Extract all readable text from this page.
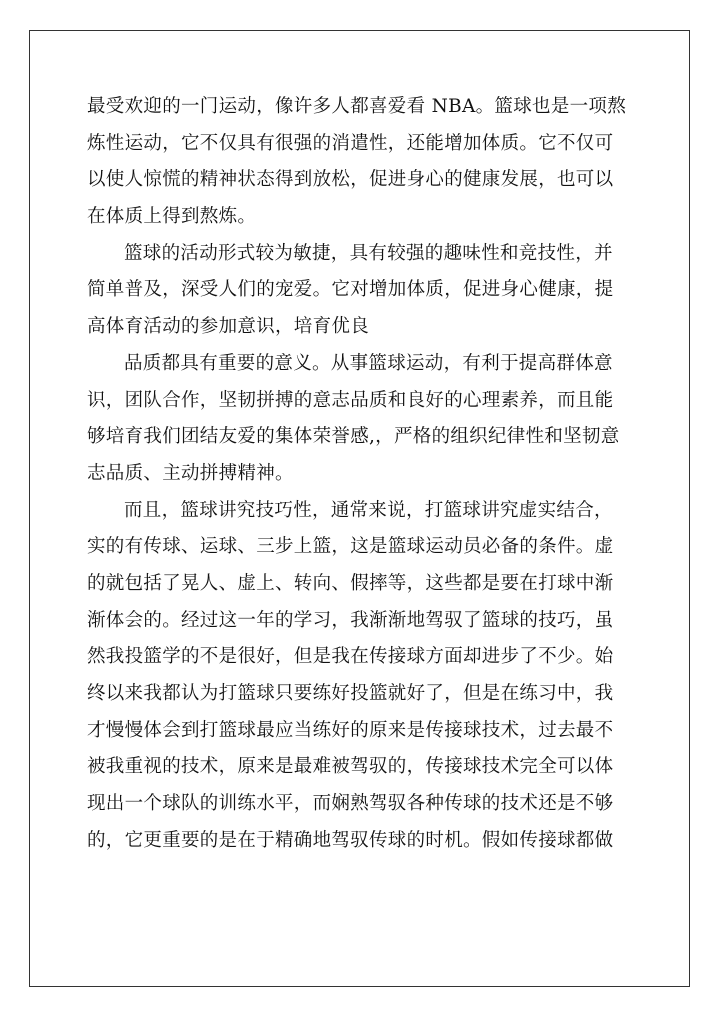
最受欢迎的一门运动，像许多人都喜爱看 NBA。篮球也是一项熬
炼性运动，它不仅具有很强的消遣性，还能增加体质。它不仅可
以使人惊慌的精神状态得到放松，促进身心的健康发展，也可以
在体质上得到熬炼。
篮球的活动形式较为敏捷，具有较强的趣味性和竞技性，并
简单普及，深受人们的宠爱。它对增加体质，促进身心健康，提
高体育活动的参加意识，培育优良
品质都具有重要的意义。从事篮球运动，有利于提高群体意
识，团队合作，坚韧拼搏的意志品质和良好的心理素养，而且能
够培育我们团结友爱的集体荣誉感,，严格的组织纪律性和坚韧意
志品质、主动拼搏精神。
而且，篮球讲究技巧性，通常来说，打篮球讲究虚实结合，
实的有传球、运球、三步上篮，这是篮球运动员必备的条件。虚
的就包括了晃人、虚上、转向、假摔等，这些都是要在打球中渐
渐体会的。经过这一年的学习，我渐渐地驾驭了篮球的技巧，虽
然我投篮学的不是很好，但是我在传接球方面却进步了不少。始
终以来我都认为打篮球只要练好投篮就好了，但是在练习中，我
才慢慢体会到打篮球最应当练好的原来是传接球技术，过去最不
被我重视的技术，原来是最难被驾驭的，传接球技术完全可以体
现出一个球队的训练水平，而娴熟驾驭各种传球的技术还是不够
的，它更重要的是在于精确地驾驭传球的时机。假如传接球都做
